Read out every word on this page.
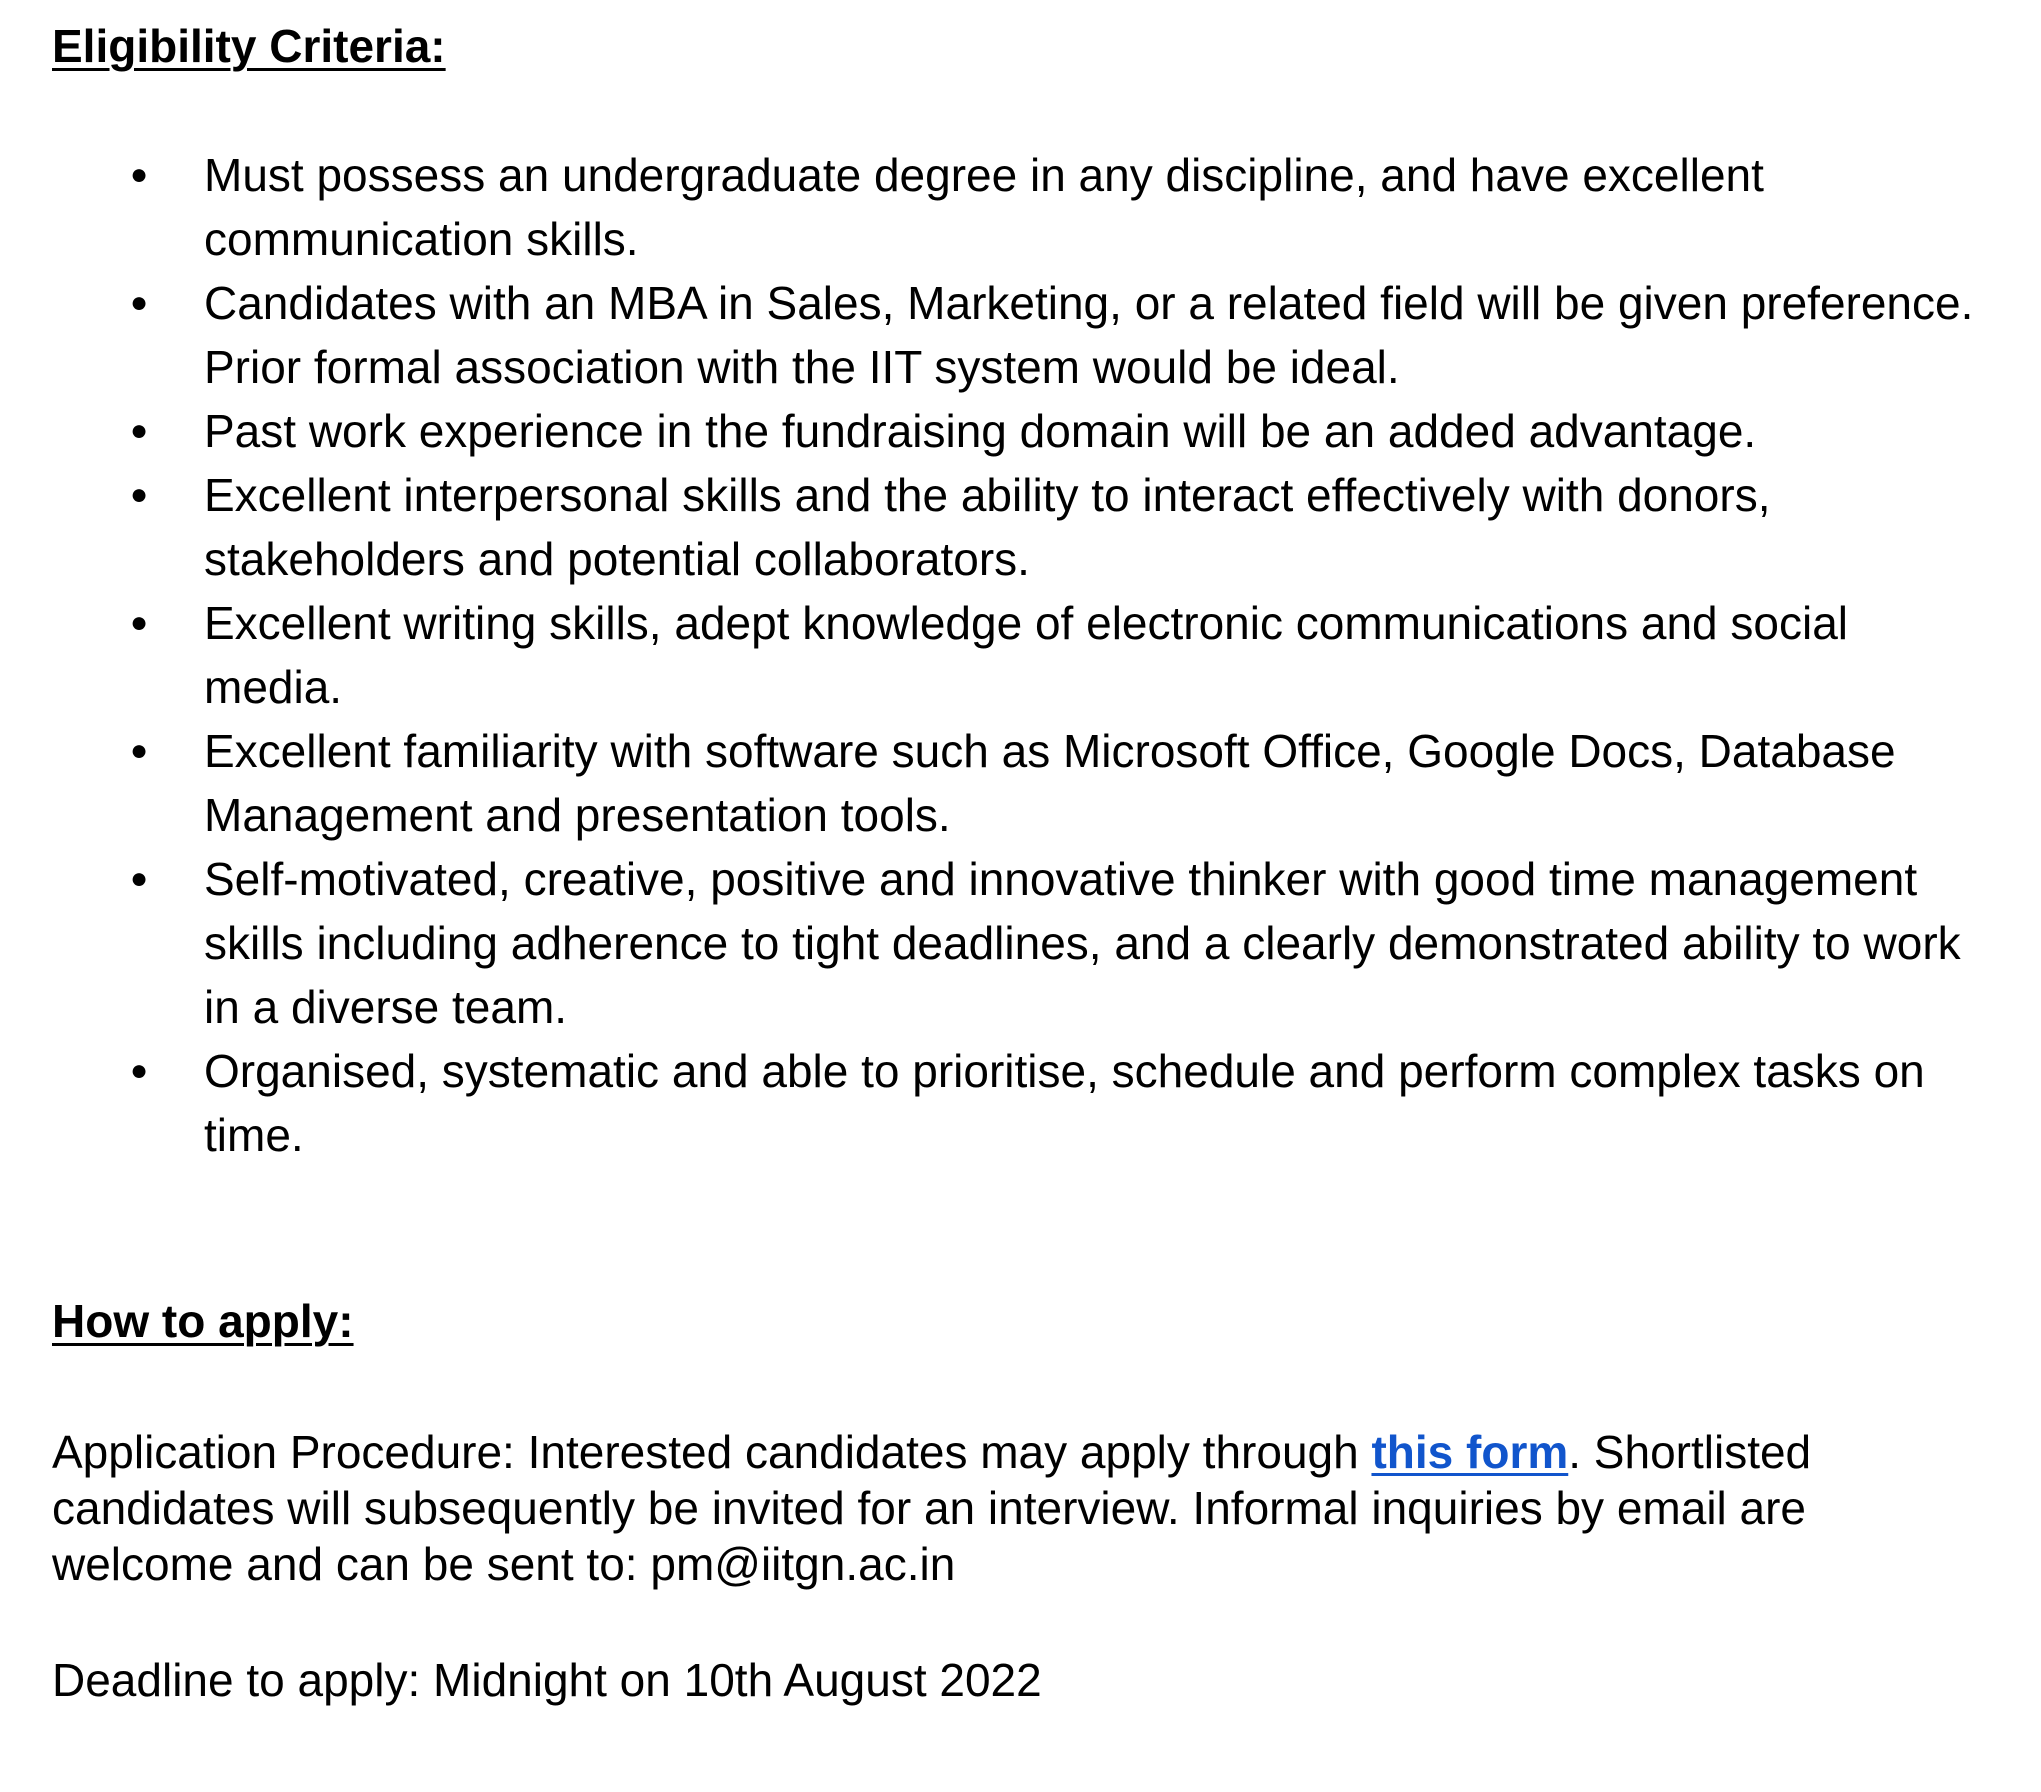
Eligibility Criteria:
● Must possess an undergraduate degree in any discipline, and have excellent communication skills.
● Candidates with an MBA in Sales, Marketing, or a related field will be given preference. Prior formal association with the IIT system would be ideal.
● Past work experience in the fundraising domain will be an added advantage.
● Excellent interpersonal skills and the ability to interact effectively with donors, stakeholders and potential collaborators.
● Excellent writing skills, adept knowledge of electronic communications and social media.
● Excellent familiarity with software such as Microsoft Office, Google Docs, Database Management and presentation tools.
● Self-motivated, creative, positive and innovative thinker with good time management skills including adherence to tight deadlines, and a clearly demonstrated ability to work in a diverse team.
● Organised, systematic and able to prioritise, schedule and perform complex tasks on time.
How to apply:

Application Procedure: Interested candidates may apply through this form. Shortlisted candidates will subsequently be invited for an interview. Informal inquiries by email are welcome and can be sent to: pm@iitgn.ac.in

Deadline to apply: Midnight on 10th August 2022
